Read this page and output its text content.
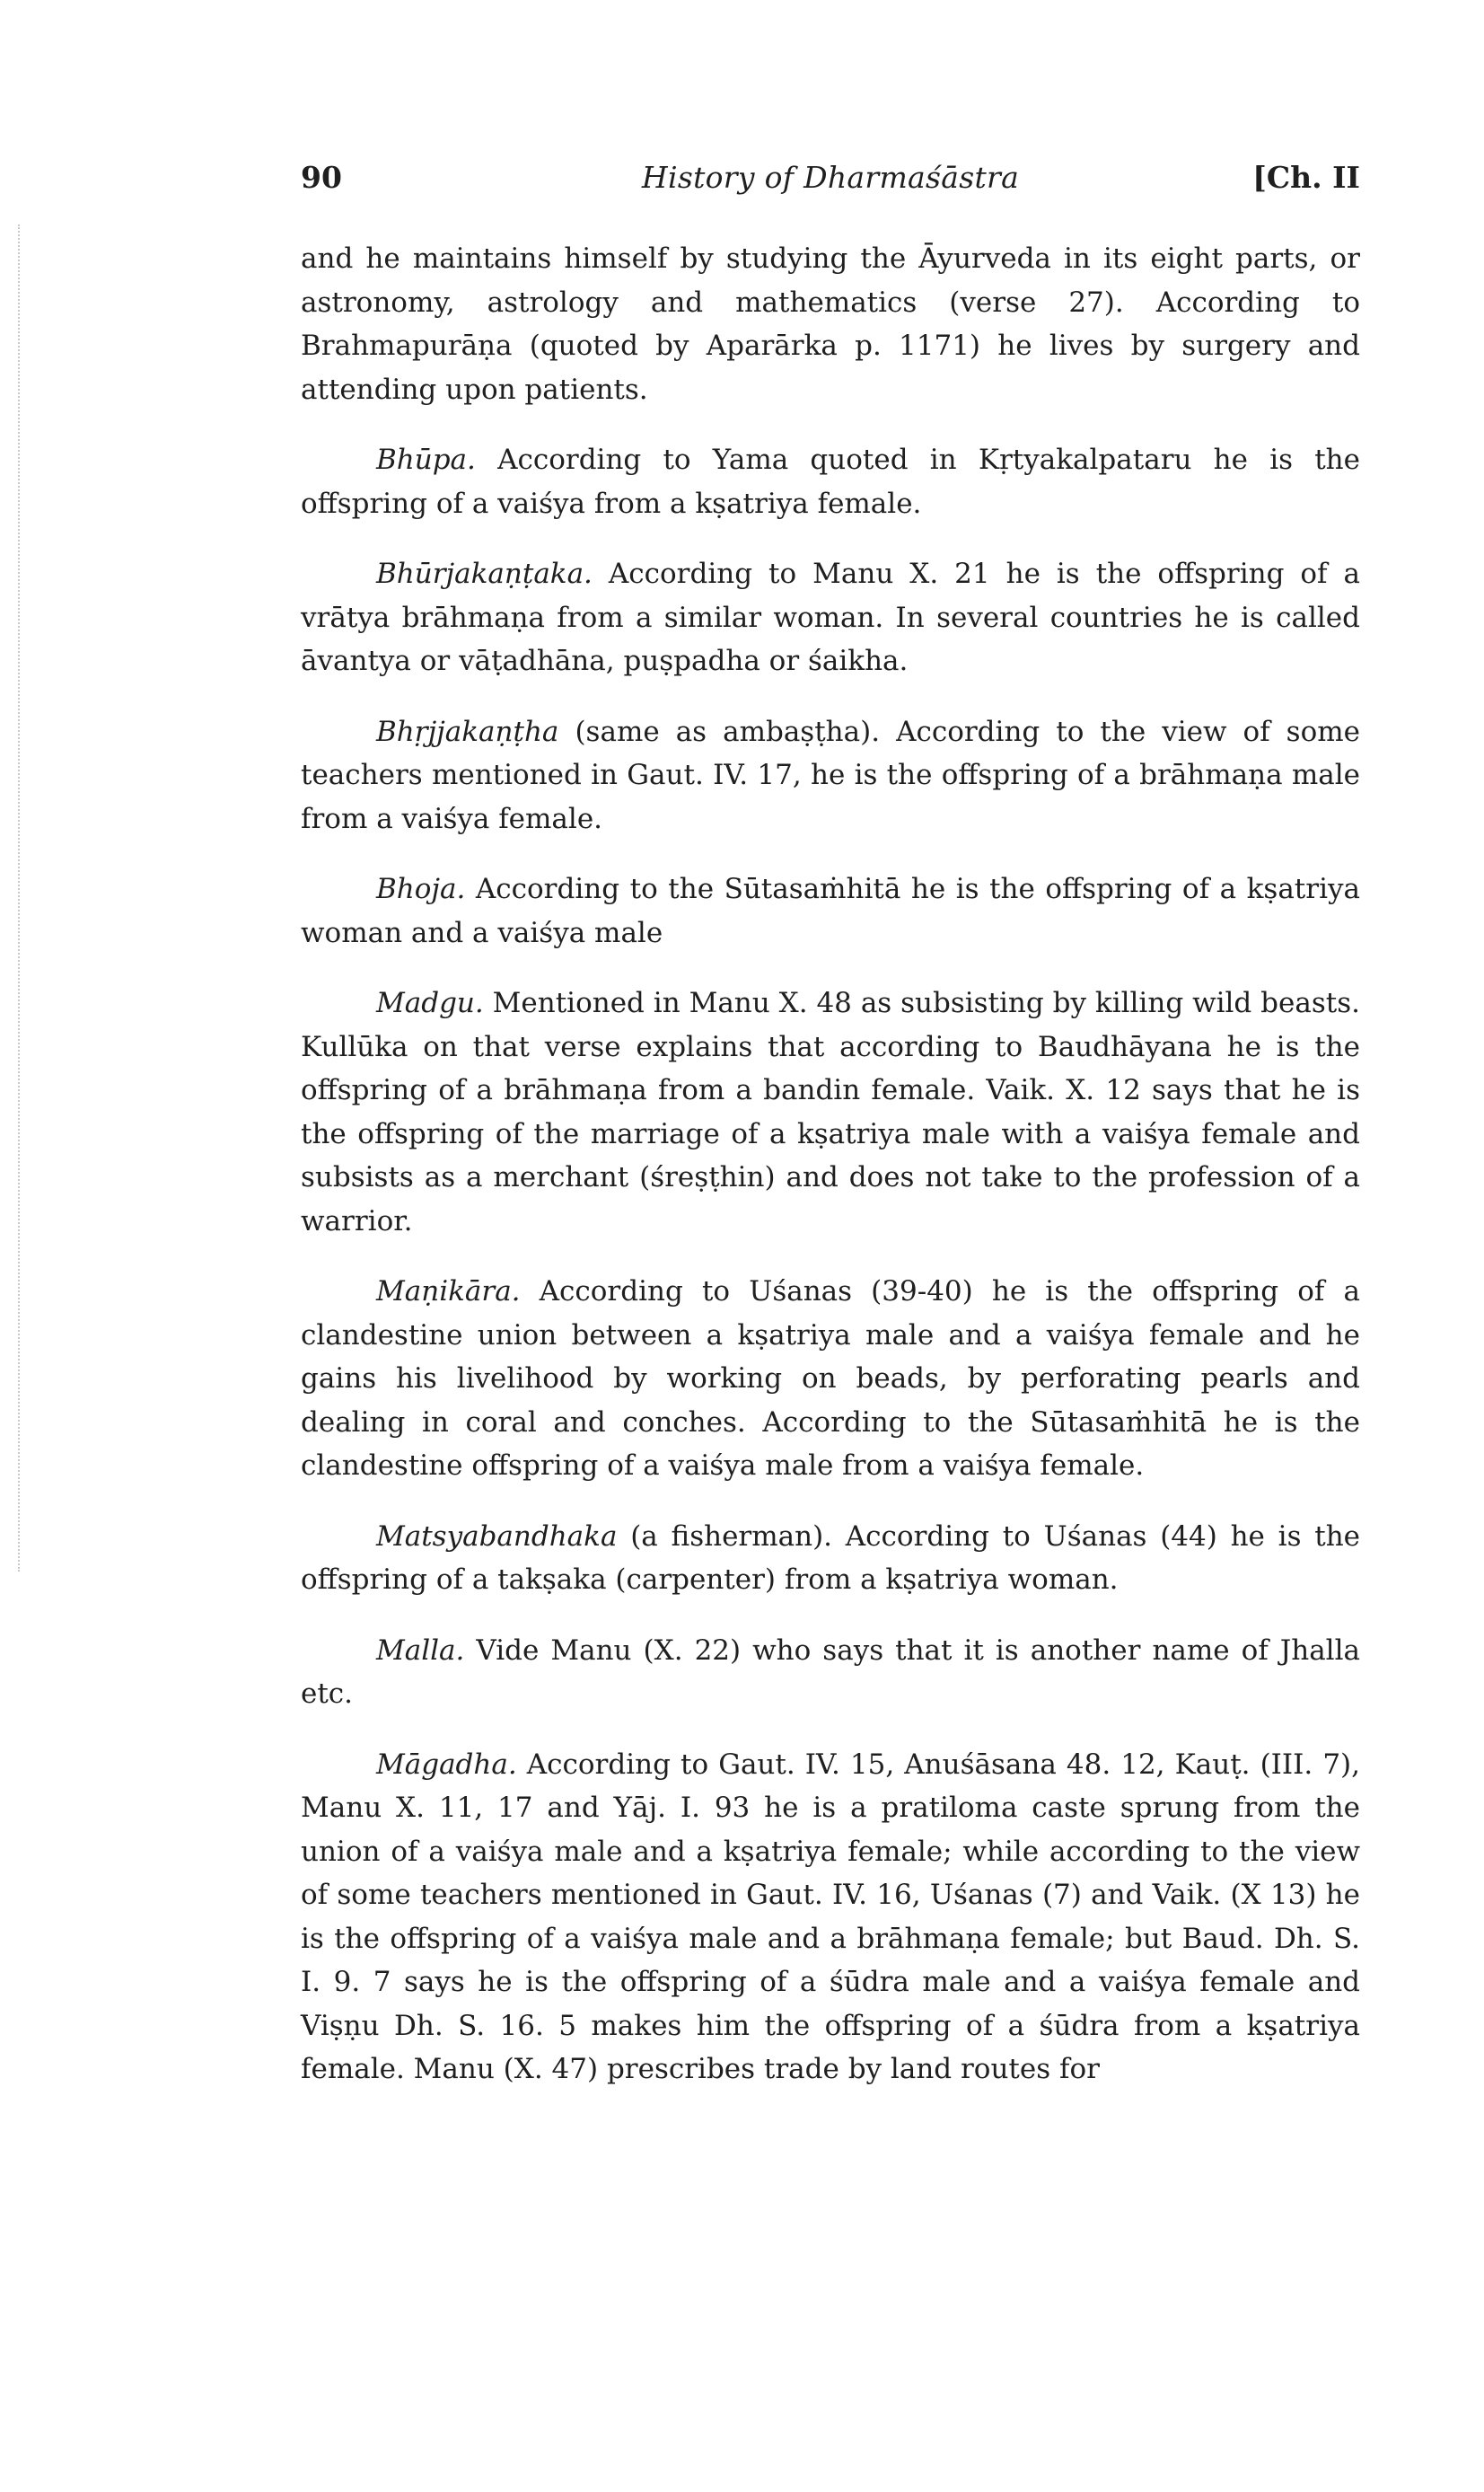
90	History of Dharmaśāstra	[Ch. II

and he maintains himself by studying the Āyurveda in its eight parts, or astronomy, astrology and mathematics (verse 27). According to Brahmapurāṇa (quoted by Aparārka p. 1171) he lives by surgery and attending upon patients.

Bhūpa. According to Yama quoted in Kṛtyakalpataru he is the offspring of a vaiśya from a kṣatriya female.

Bhūrjakaṇṭaka. According to Manu X. 21 he is the offspring of a vrātya brāhmaṇa from a similar woman. In several countries he is called āvantya or vāṭadhāna, puṣpadha or śaikha.

Bhṛjjakaṇṭha (same as ambaṣṭha). According to the view of some teachers mentioned in Gaut. IV. 17, he is the offspring of a brāhmaṇa male from a vaiśya female.

Bhoja. According to the Sūtasaṁhitā he is the offspring of a kṣatriya woman and a vaiśya male

Madgu. Mentioned in Manu X. 48 as subsisting by killing wild beasts. Kullūka on that verse explains that according to Baudhāyana he is the offspring of a brāhmaṇa from a bandin female. Vaik. X. 12 says that he is the offspring of the marriage of a kṣatriya male with a vaiśya female and subsists as a merchant (śreṣṭhin) and does not take to the profession of a warrior.

Maṇikāra. According to Uśanas (39-40) he is the offspring of a clandestine union between a kṣatriya male and a vaiśya female and he gains his livelihood by working on beads, by perforating pearls and dealing in coral and conches. According to the Sūtasaṁhitā he is the clandestine offspring of a vaiśya male from a vaiśya female.

Matsyabandhaka (a fisherman). According to Uśanas (44) he is the offspring of a takṣaka (carpenter) from a kṣatriya woman.

Malla. Vide Manu (X. 22) who says that it is another name of Jhalla etc.

Māgadha. According to Gaut. IV. 15, Anuśāsana 48. 12, Kauṭ. (III. 7), Manu X. 11, 17 and Yāj. I. 93 he is a pratiloma caste sprung from the union of a vaiśya male and a kṣatriya female; while according to the view of some teachers mentioned in Gaut. IV. 16, Uśanas (7) and Vaik. (X 13) he is the offspring of a vaiśya male and a brāhmaṇa female; but Baud. Dh. S. I. 9. 7 says he is the offspring of a śūdra male and a vaiśya female and Viṣṇu Dh. S. 16. 5 makes him the offspring of a śūdra from a kṣatriya female. Manu (X. 47) prescribes trade by land routes for
